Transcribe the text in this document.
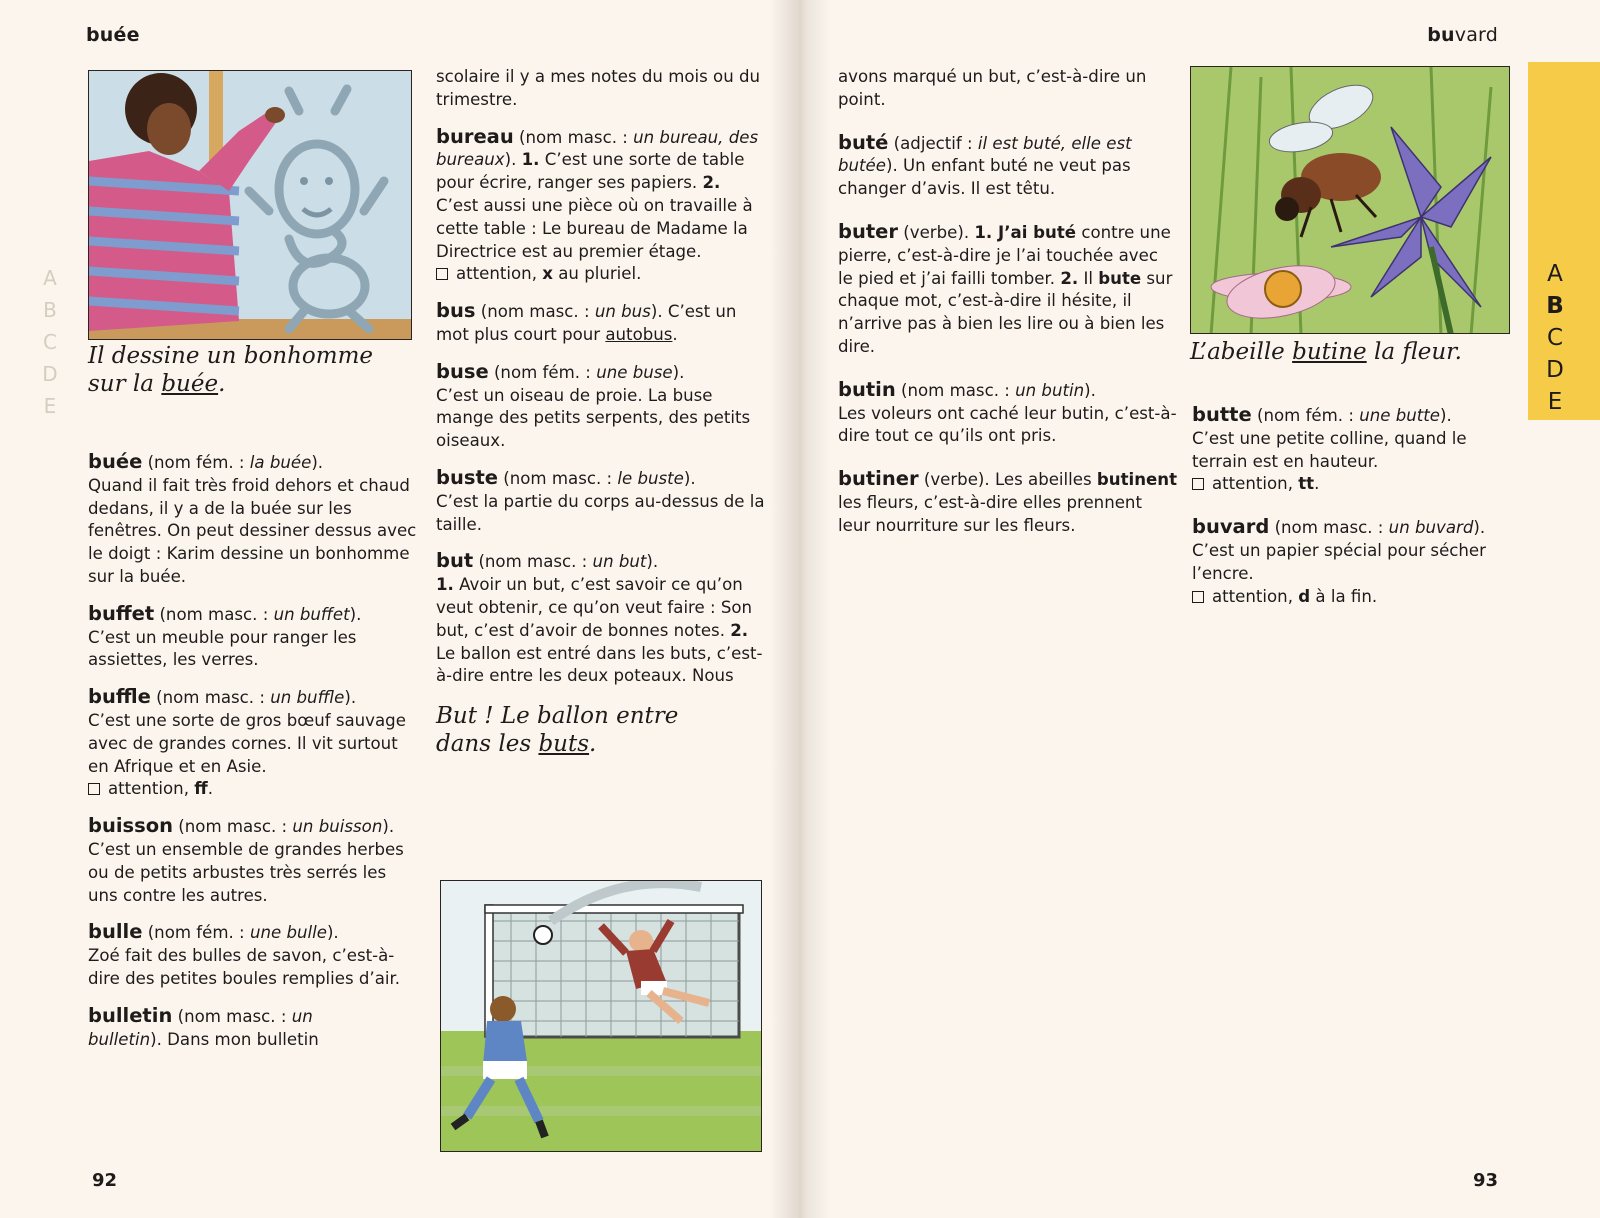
A
B
C
D
E
buée
Il dessine un bonhomme
sur la buée.
buée (nom fém. : la buée).

Quand il fait très froid dehors et chaud dedans, il y a de la buée sur les fenêtres. On peut dessiner dessus avec le doigt : Karim dessine un bonhomme sur la buée.

buffet (nom masc. : un buffet).

C’est un meuble pour ranger les assiettes, les verres.

buffle (nom masc. : un buffle).

C’est une sorte de gros bœuf sauvage avec de grandes cornes. Il vit surtout en Afrique et en Asie.

attention, ff.

buisson (nom masc. : un buisson).

C’est un ensemble de grandes herbes ou de petits arbustes très serrés les uns contre les autres.

bulle (nom fém. : une bulle).

Zoé fait des bulles de savon, c’est-à-dire des petites boules remplies d’air.

bulletin (nom masc. : un
bulletin). Dans mon bulletin

scolaire il y a mes notes du mois ou du trimestre.

bureau (nom masc. : un bureau, des bureaux). 1. C’est une sorte de table pour écrire, ranger ses papiers. 2. C’est aussi une pièce où on travaille à cette table : Le bureau de Madame la Directrice est au premier étage.

attention, x au pluriel.

bus (nom masc. : un bus). C’est un mot plus court pour autobus.
buse (nom fém. : une buse).

C’est un oiseau de proie. La buse mange des petits serpents, des petits oiseaux.

buste (nom masc. : le buste).

C’est la partie du corps au-dessus de la taille.

but (nom masc. : un but).
1. Avoir un but, c’est savoir ce qu’on veut obtenir, ce qu’on veut faire : Son but, c’est d’avoir de bonnes notes. 2. Le ballon est entré dans les buts, c’est-à-dire entre les deux poteaux. Nous
But ! Le ballon entre
dans les buts.
92
buvard

avons marqué un but, c’est-à-dire un point.

buté (adjectif : il est buté, elle est butée). Un enfant buté ne veut pas changer d’avis. Il est têtu.
buter (verbe). 1. J’ai buté contre une pierre, c’est-à-dire je l’ai touchée avec le pied et j’ai failli tomber. 2. Il bute sur chaque mot, c’est-à-dire il hésite, il n’arrive pas à bien les lire ou à bien les dire.
butin (nom masc. : un butin).

Les voleurs ont caché leur butin, c’est-à-dire tout ce qu’ils ont pris.

butiner (verbe). Les abeilles butinent les fleurs, c’est-à-dire elles prennent leur nourriture sur les fleurs.
L’abeille butine la fleur.
butte (nom fém. : une butte).

C’est une petite colline, quand le terrain est en hauteur.

attention, tt.

buvard (nom masc. : un buvard).

C’est un papier spécial pour sécher l’encre.

attention, d à la fin.

93
A
B
C
D
E
